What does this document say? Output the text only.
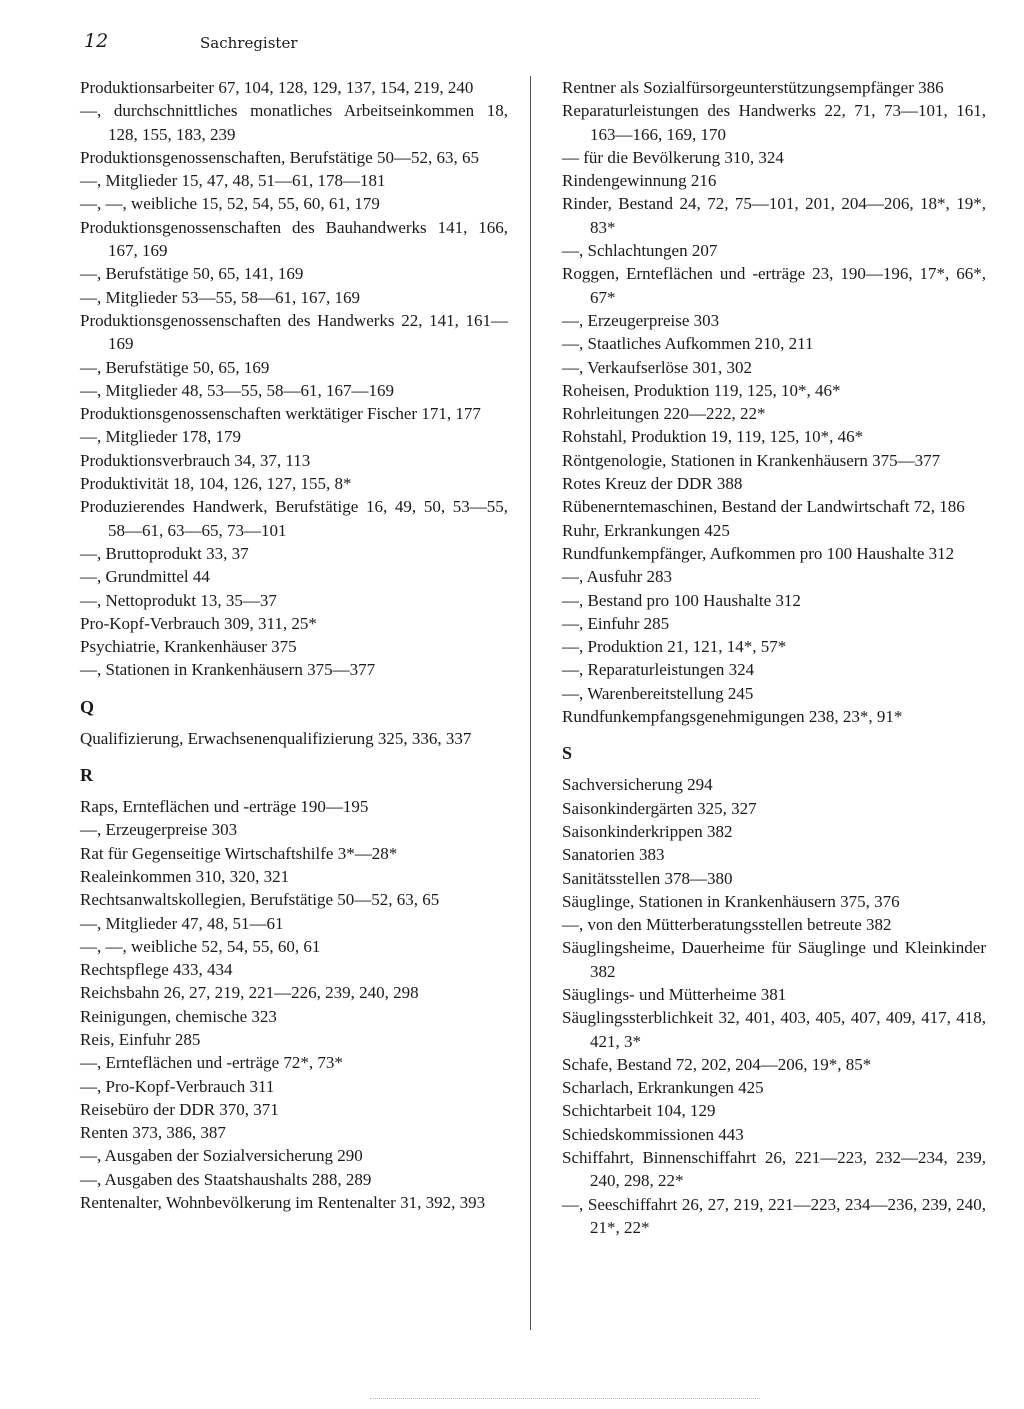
12	Sachregister

Produktionsarbeiter 67, 104, 128, 129, 137, 154, 219, 240

—, durchschnittliches monatliches Arbeitseinkommen 18, 128, 155, 183, 239

Produktionsgenossenschaften, Berufstätige 50—52, 63, 65

—, Mitglieder 15, 47, 48, 51—61, 178—181

—, —, weibliche 15, 52, 54, 55, 60, 61, 179

Produktionsgenossenschaften des Bauhandwerks 141, 166, 167, 169

—, Berufstätige 50, 65, 141, 169

—, Mitglieder 53—55, 58—61, 167, 169

Produktionsgenossenschaften des Handwerks 22, 141, 161—169

—, Berufstätige 50, 65, 169

—, Mitglieder 48, 53—55, 58—61, 167—169

Produktionsgenossenschaften werktätiger Fischer 171, 177

—, Mitglieder 178, 179

Produktionsverbrauch 34, 37, 113

Produktivität 18, 104, 126, 127, 155, 8*

Produzierendes Handwerk, Berufstätige 16, 49, 50, 53—55, 58—61, 63—65, 73—101

—, Bruttoprodukt 33, 37

—, Grundmittel 44

—, Nettoprodukt 13, 35—37

Pro-Kopf-Verbrauch 309, 311, 25*

Psychiatrie, Krankenhäuser 375

—, Stationen in Krankenhäusern 375—377

Q

Qualifizierung, Erwachsenenqualifizierung 325, 336, 337

R

Raps, Ernteflächen und -erträge 190—195

—, Erzeugerpreise 303

Rat für Gegenseitige Wirtschaftshilfe 3*—28*

Realeinkommen 310, 320, 321

Rechtsanwaltskollegien, Berufstätige 50—52, 63, 65

—, Mitglieder 47, 48, 51—61

—, —, weibliche 52, 54, 55, 60, 61

Rechtspflege 433, 434

Reichsbahn 26, 27, 219, 221—226, 239, 240, 298

Reinigungen, chemische 323

Reis, Einfuhr 285

—, Ernteflächen und -erträge 72*, 73*

—, Pro-Kopf-Verbrauch 311

Reisebüro der DDR 370, 371

Renten 373, 386, 387

—, Ausgaben der Sozialversicherung 290

—, Ausgaben des Staatshaushalts 288, 289

Rentenalter, Wohnbevölkerung im Rentenalter 31, 392, 393

Rentner als Sozialfürsorgeunterstützungsempfänger 386

Reparaturleistungen des Handwerks 22, 71, 73—101, 161, 163—166, 169, 170

— für die Bevölkerung 310, 324

Rindengewinnung 216

Rinder, Bestand 24, 72, 75—101, 201, 204—206, 18*, 19*, 83*

—, Schlachtungen 207

Roggen, Ernteflächen und -erträge 23, 190—196, 17*, 66*, 67*

—, Erzeugerpreise 303

—, Staatliches Aufkommen 210, 211

—, Verkaufserlöse 301, 302

Roheisen, Produktion 119, 125, 10*, 46*

Rohrleitungen 220—222, 22*

Rohstahl, Produktion 19, 119, 125, 10*, 46*

Röntgenologie, Stationen in Krankenhäusern 375—377

Rotes Kreuz der DDR 388

Rübenerntemaschinen, Bestand der Landwirtschaft 72, 186

Ruhr, Erkrankungen 425

Rundfunkempfänger, Aufkommen pro 100 Haushalte 312

—, Ausfuhr 283

—, Bestand pro 100 Haushalte 312

—, Einfuhr 285

—, Produktion 21, 121, 14*, 57*

—, Reparaturleistungen 324

—, Warenbereitstellung 245

Rundfunkempfangsgenehmigungen 238, 23*, 91*

S

Sachversicherung 294

Saisonkindergärten 325, 327

Saisonkinderkrippen 382

Sanatorien 383

Sanitätsstellen 378—380

Säuglinge, Stationen in Krankenhäusern 375, 376

—, von den Mütterberatungsstellen betreute 382

Säuglingsheime, Dauerheime für Säuglinge und Kleinkinder 382

Säuglings- und Mütterheime 381

Säuglingssterblichkeit 32, 401, 403, 405, 407, 409, 417, 418, 421, 3*

Schafe, Bestand 72, 202, 204—206, 19*, 85*

Scharlach, Erkrankungen 425

Schichtarbeit 104, 129

Schiedskommissionen 443

Schiffahrt, Binnenschiffahrt 26, 221—223, 232—234, 239, 240, 298, 22*

—, Seeschiffahrt 26, 27, 219, 221—223, 234—236, 239, 240, 21*, 22*
